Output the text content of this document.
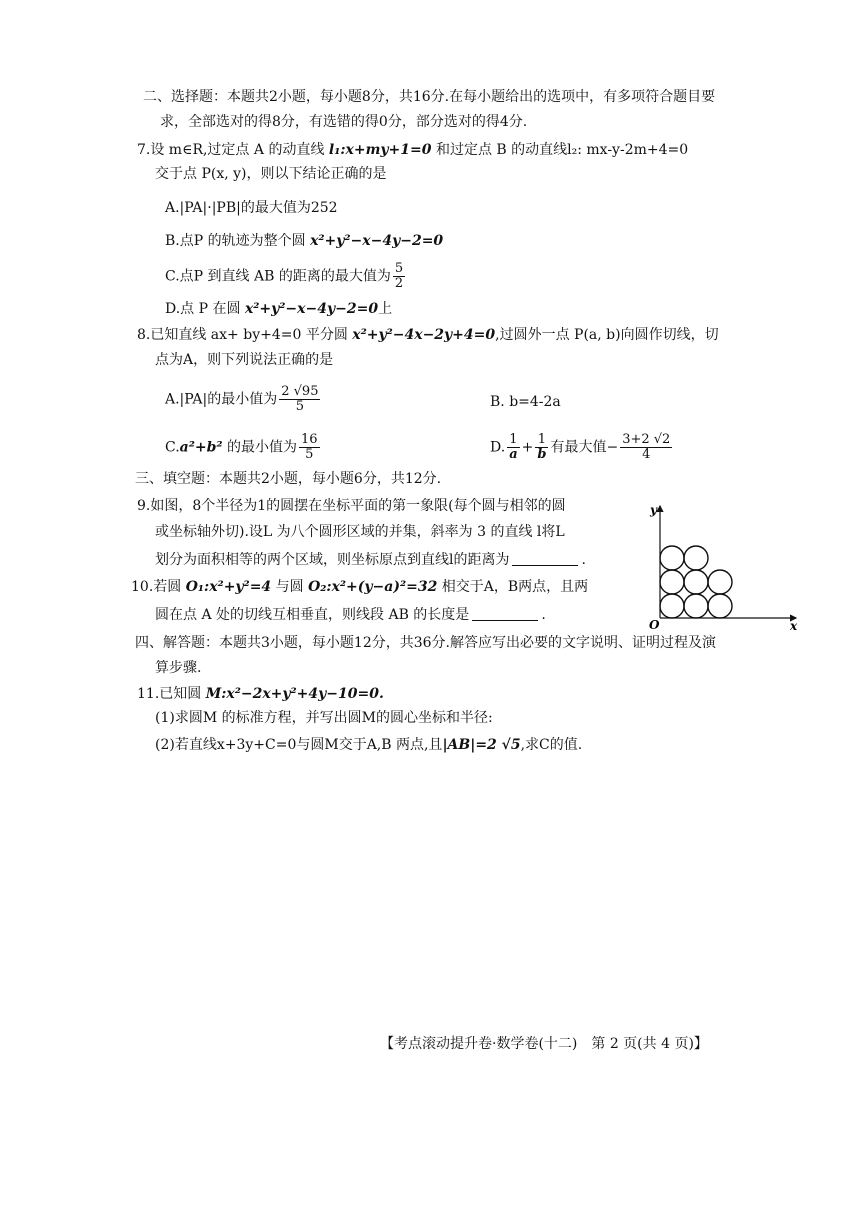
二、选择题：本题共2小题，每小题8分，共16分.在每小题给出的选项中，有多项符合题目要
求，全部选对的得8分，有选错的得0分，部分选对的得4分.
7.设 m∈R,过定点 A 的动直线 l₁:x+my+1=0 和过定点 B 的动直线l₂: mx-y-2m+4=0
交于点 P(x, y)，则以下结论正确的是
A.|PA|·|PB|的最大值为252
B.点P 的轨迹为整个圆 x²+y²−x−4y−2=0
C.点P 到直线 AB 的距离的最大值为 $\frac{5}{2}$
D.点 P 在圆 x²+y²−x−4y−2=0上
8.已知直线 ax+ by+4=0 平分圆 x²+y²−4x−2y+4=0,过圆外一点 P(a, b)向圆作切线，切
点为A，则下列说法正确的是
A.|PA|的最小值为 $\frac{2 √95}{5}$	B. b=4-2a
C.a²+b² 的最小值为 $\frac{16}{5}$	D. $\frac{1}{a} + \frac{1}{b}$ 有最大值− $\frac{3+2 √2}{4}$
三、填空题：本题共2小题，每小题6分，共12分.
9.如图，8个半径为1的圆摆在坐标平面的第一象限(每个圆与相邻的圆
或坐标轴外切).设L 为八个圆形区域的并集，斜率为 3 的直线 l将L
划分为面积相等的两个区域，则坐标原点到直线l的距离为	.
10.若圆 O₁:x²+y²=4 与圆 O₂:x²+(y−a)²=32 相交于A，B两点，且两
圆在点 A 处的切线互相垂直，则线段 AB 的长度是	.
四、解答题：本题共3小题，每小题12分，共36分.解答应写出必要的文字说明、证明过程及演
算步骤.
11.已知圆 M:x²−2x+y²+4y−10=0.
(1)求圆M 的标准方程，并写出圆M的圆心坐标和半径:
(2)若直线x+3y+C=0与圆M交于A,B 两点,且|AB|=2 √5,求C的值.
y
x
O
【考点滚动提升卷·数学卷(十二)　第 2 页(共 4 页)】
